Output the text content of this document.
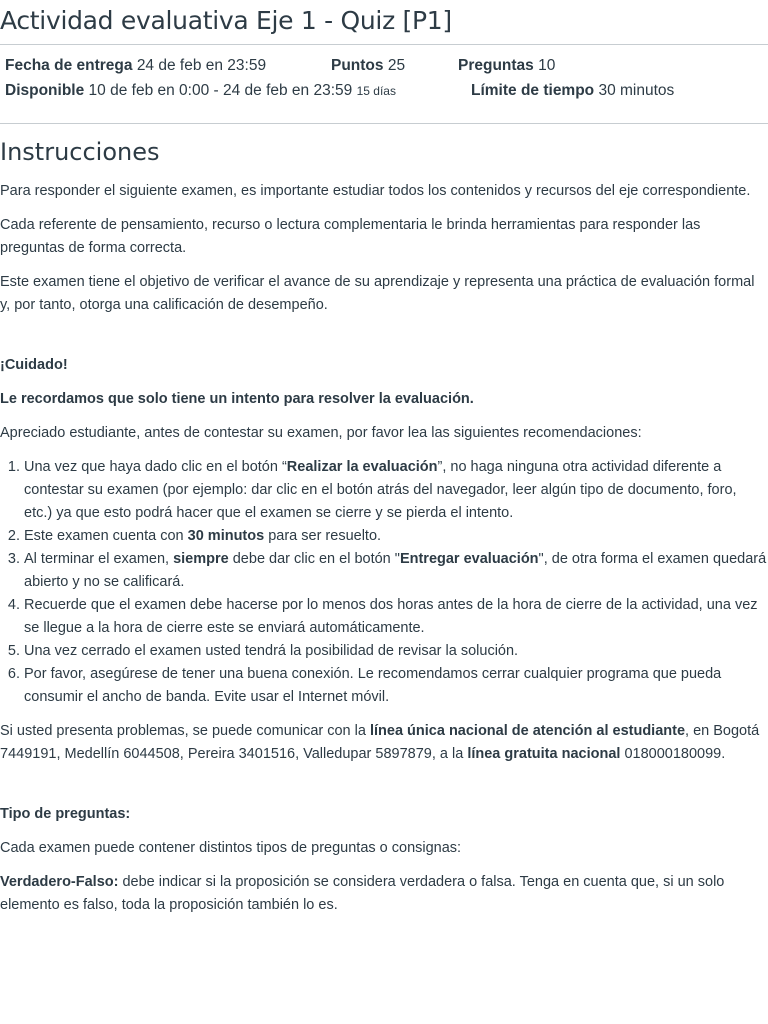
Actividad evaluativa Eje 1 - Quiz [P1]
Fecha de entrega 24 de feb en 23:59	Puntos 25	Preguntas 10
Disponible 10 de feb en 0:00 - 24 de feb en 23:59 15 días	Límite de tiempo 30 minutos
Instrucciones

Para responder el siguiente examen, es importante estudiar todos los contenidos y recursos del eje correspondiente.

Cada referente de pensamiento, recurso o lectura complementaria le brinda herramientas para responder las preguntas de forma correcta.

Este examen tiene el objetivo de verificar el avance de su aprendizaje y representa una práctica de evaluación formal y, por tanto, otorga una calificación de desempeño.

¡Cuidado!

Le recordamos que solo tiene un intento para resolver la evaluación.

Apreciado estudiante, antes de contestar su examen, por favor lea las siguientes recomendaciones:

1. Una vez que haya dado clic en el botón “Realizar la evaluación”, no haga ninguna otra actividad diferente a contestar su examen (por ejemplo: dar clic en el botón atrás del navegador, leer algún tipo de documento, foro, etc.) ya que esto podrá hacer que el examen se cierre y se pierda el intento.
2. Este examen cuenta con 30 minutos para ser resuelto.
3. Al terminar el examen, siempre debe dar clic en el botón "Entregar evaluación", de otra forma el examen quedará abierto y no se calificará.
4. Recuerde que el examen debe hacerse por lo menos dos horas antes de la hora de cierre de la actividad, una vez se llegue a la hora de cierre este se enviará automáticamente.
5. Una vez cerrado el examen usted tendrá la posibilidad de revisar la solución.
6. Por favor, asegúrese de tener una buena conexión. Le recomendamos cerrar cualquier programa que pueda consumir el ancho de banda. Evite usar el Internet móvil.

Si usted presenta problemas, se puede comunicar con la línea única nacional de atención al estudiante, en Bogotá 7449191, Medellín 6044508, Pereira 3401516, Valledupar 5897879, a la línea gratuita nacional 018000180099.

Tipo de preguntas:

Cada examen puede contener distintos tipos de preguntas o consignas:

Verdadero-Falso: debe indicar si la proposición se considera verdadera o falsa. Tenga en cuenta que, si un solo elemento es falso, toda la proposición también lo es.
